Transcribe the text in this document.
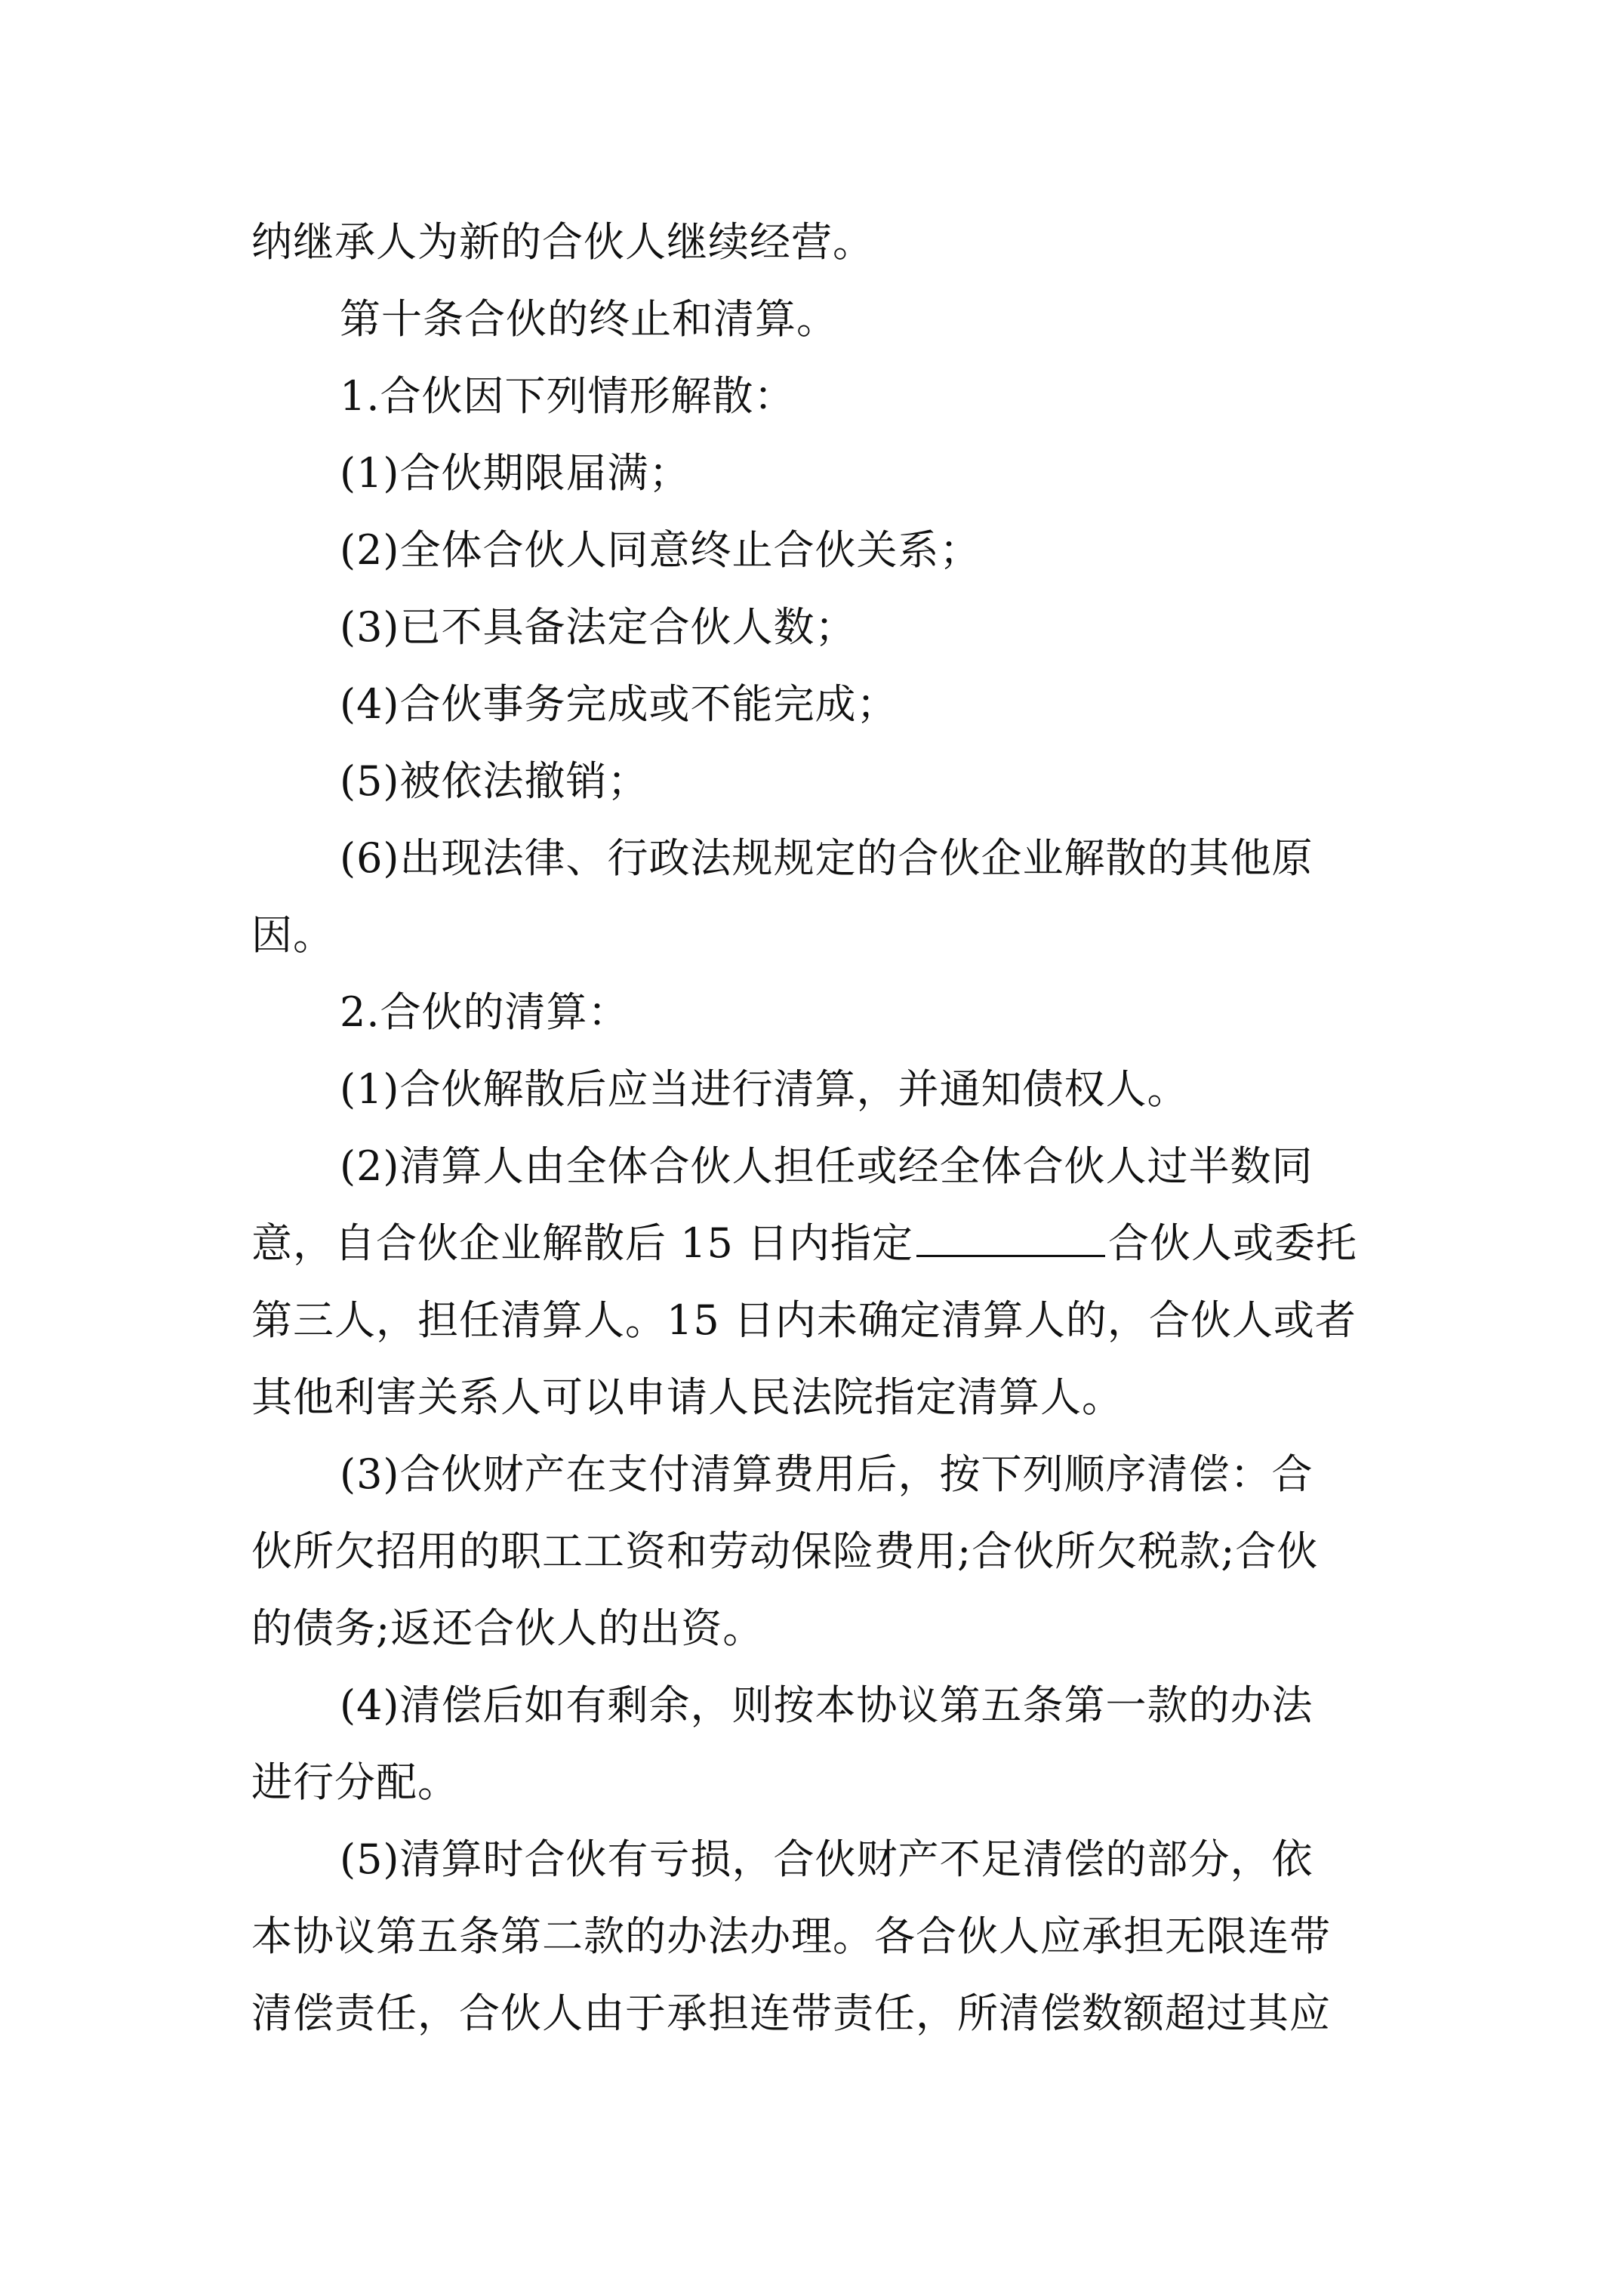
纳继承人为新的合伙人继续经营。
第十条合伙的终止和清算。
1.合伙因下列情形解散：
(1)合伙期限届满；
(2)全体合伙人同意终止合伙关系；
(3)已不具备法定合伙人数；
(4)合伙事务完成或不能完成；
(5)被依法撤销；
(6)出现法律、行政法规规定的合伙企业解散的其他原
因。
2.合伙的清算：
(1)合伙解散后应当进行清算，并通知债权人。
(2)清算人由全体合伙人担任或经全体合伙人过半数同
意，自合伙企业解散后 15 日内指定	合伙人或委托
第三人，担任清算人。15 日内未确定清算人的，合伙人或者
其他利害关系人可以申请人民法院指定清算人。
(3)合伙财产在支付清算费用后，按下列顺序清偿：合
伙所欠招用的职工工资和劳动保险费用;合伙所欠税款;合伙
的债务;返还合伙人的出资。
(4)清偿后如有剩余，则按本协议第五条第一款的办法
进行分配。
(5)清算时合伙有亏损，合伙财产不足清偿的部分，依
本协议第五条第二款的办法办理。各合伙人应承担无限连带
清偿责任，合伙人由于承担连带责任，所清偿数额超过其应
